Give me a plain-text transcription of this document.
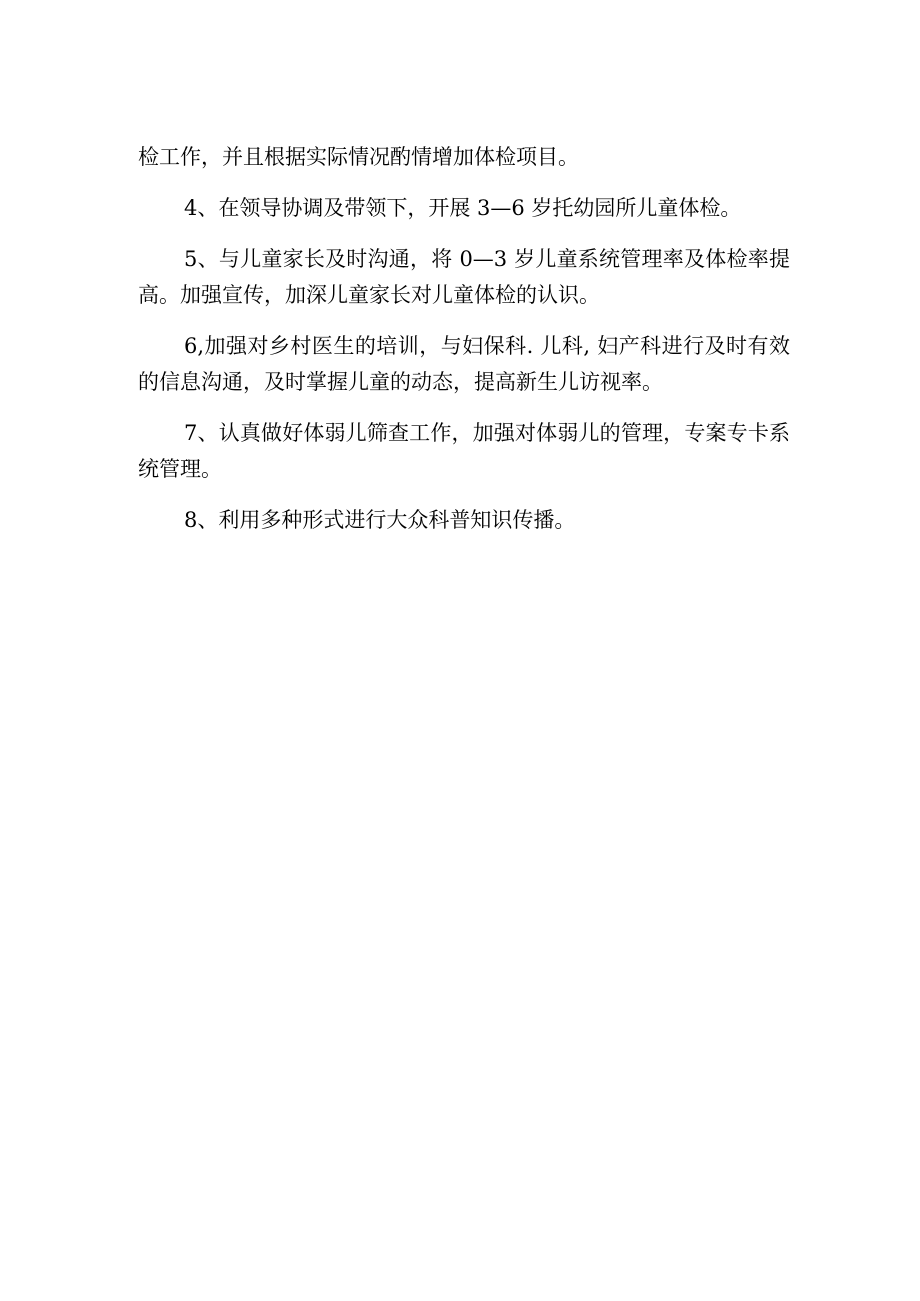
检工作，并且根据实际情况酌情增加体检项目。

4、在领导协调及带领下，开展 3—6 岁托幼园所儿童体检。

5、与儿童家长及时沟通，将 0—3 岁儿童系统管理率及体检率提高。加强宣传，加深儿童家长对儿童体检的认识。

6,加强对乡村医生的培训，与妇保科. 儿科, 妇产科进行及时有效的信息沟通，及时掌握儿童的动态，提高新生儿访视率。

7、认真做好体弱儿筛查工作，加强对体弱儿的管理，专案专卡系统管理。

8、利用多种形式进行大众科普知识传播。
